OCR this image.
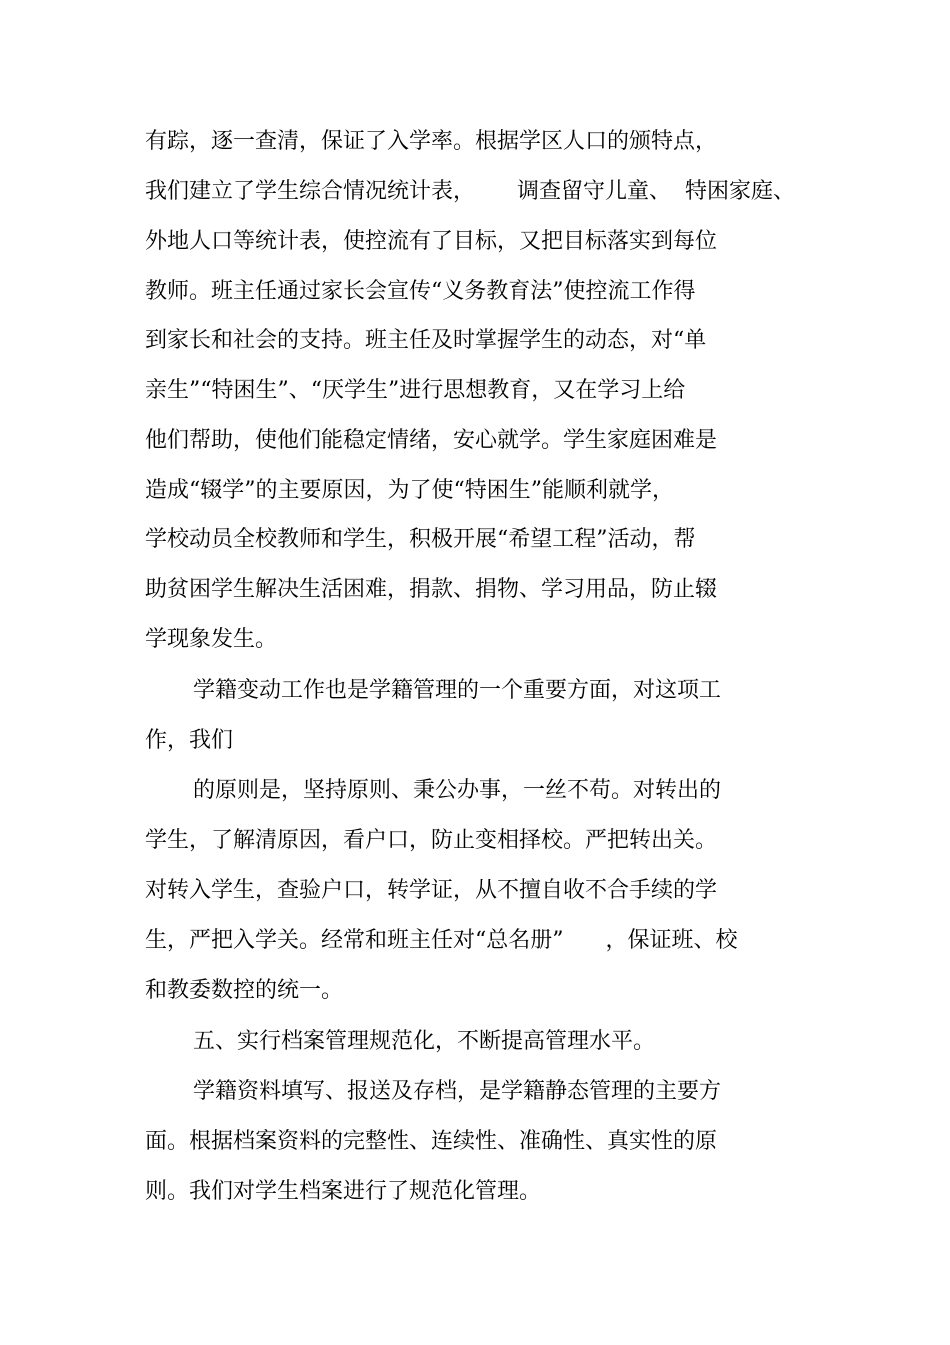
有踪，逐一查清，保证了入学率。根据学区人口的颁特点，

我们建立了学生综合情况统计表，      调查留守儿童、  特困家庭、

外地人口等统计表，使控流有了目标，又把目标落实到每位

教师。班主任通过家长会宣传“义务教育法”使控流工作得

到家长和社会的支持。班主任及时掌握学生的动态，对“单

亲生”“特困生”、“厌学生”进行思想教育，又在学习上给

他们帮助，使他们能稳定情绪，安心就学。学生家庭困难是

造成“辍学”的主要原因，为了使“特困生”能顺利就学，

学校动员全校教师和学生，积极开展“希望工程”活动，帮

助贫困学生解决生活困难，捐款、捐物、学习用品，防止辍

学现象发生。

学籍变动工作也是学籍管理的一个重要方面，对这项工

作，我们

的原则是，坚持原则、秉公办事，一丝不苟。对转出的

学生，了解清原因，看户口，防止变相择校。严把转出关。

对转入学生，查验户口，转学证，从不擅自收不合手续的学

生，严把入学关。经常和班主任对“总名册”      ，保证班、校

和教委数控的统一。

五、实行档案管理规范化，不断提高管理水平。

学籍资料填写、报送及存档，是学籍静态管理的主要方

面。根据档案资料的完整性、连续性、准确性、真实性的原

则。我们对学生档案进行了规范化管理。
